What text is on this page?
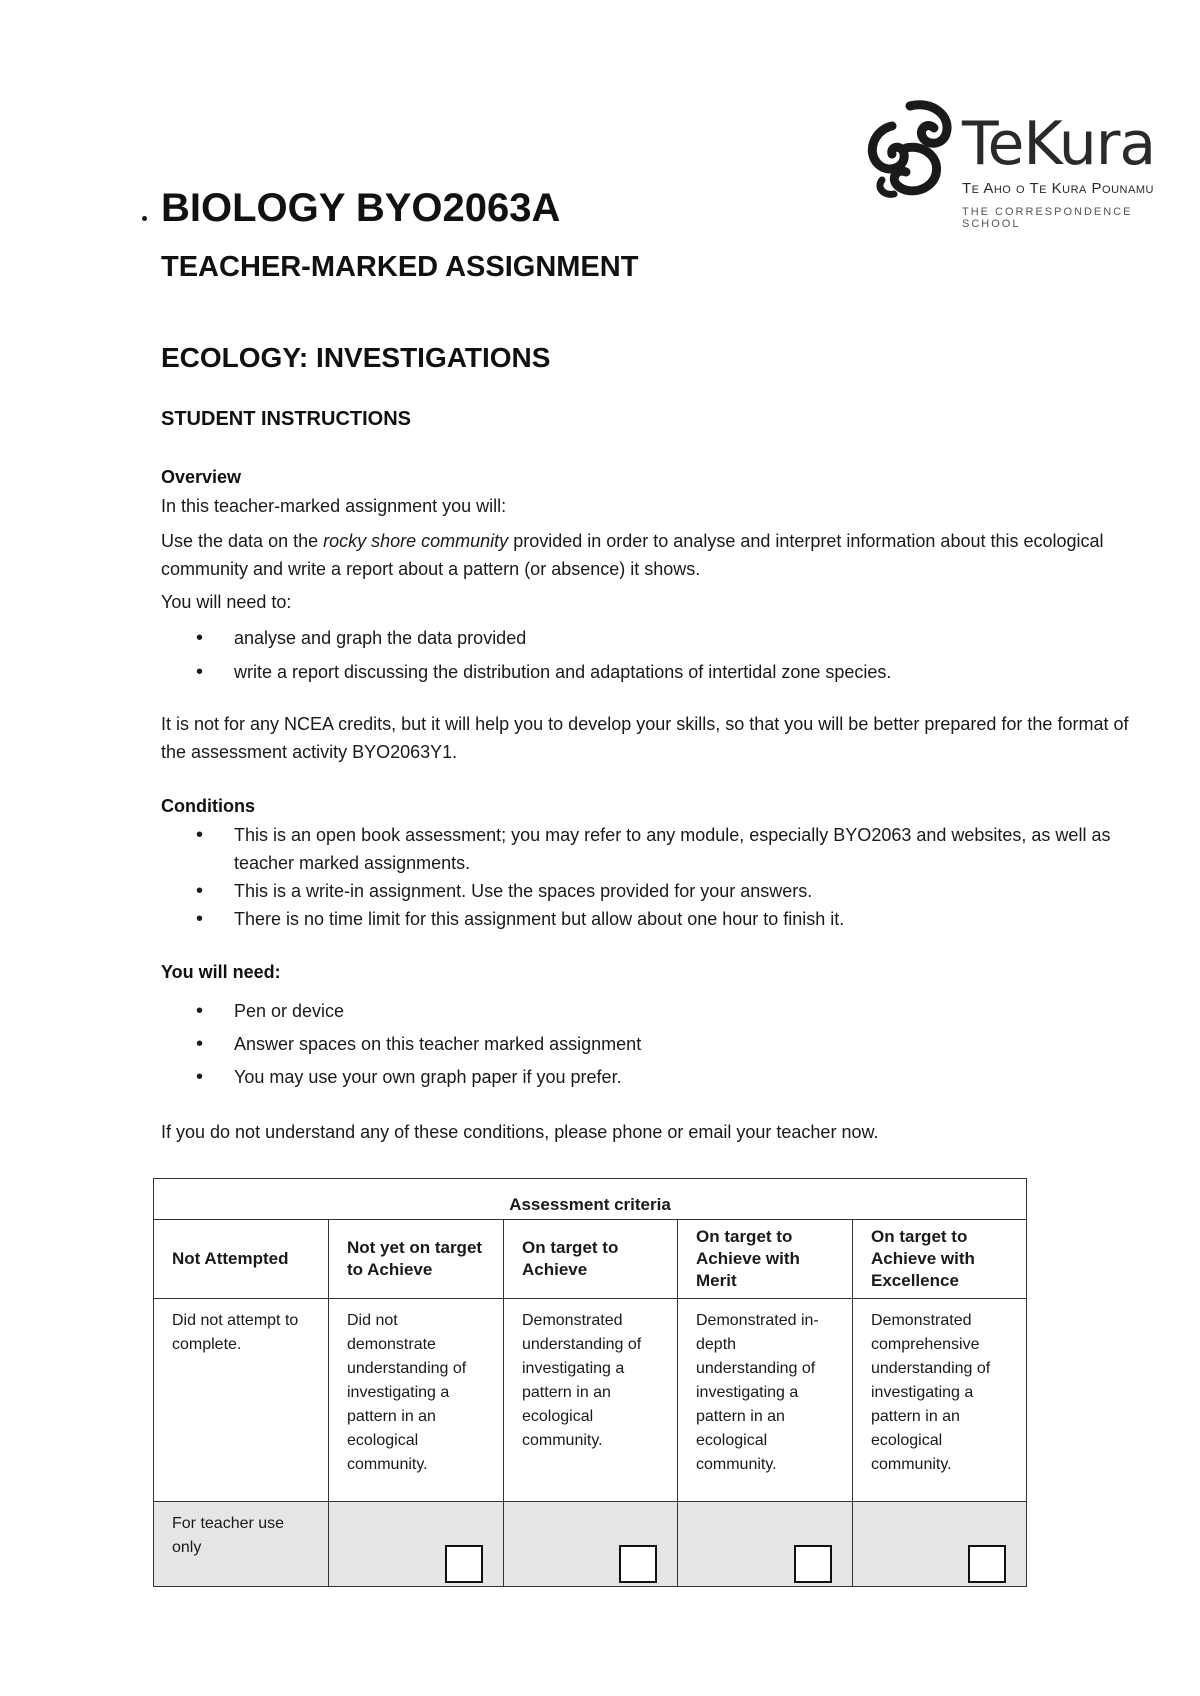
TeKura
Te Aho o Te Kura Pounamu
THE CORRESPONDENCE SCHOOL
BIOLOGY BYO2063A
TEACHER-MARKED ASSIGNMENT
ECOLOGY: INVESTIGATIONS
STUDENT INSTRUCTIONS
Overview
In this teacher-marked assignment you will:
Use the data on the rocky shore community provided in order to analyse and interpret information about this ecological community and write a report about a pattern (or absence) it shows.
You will need to:
• analyse and graph the data provided
• write a report discussing the distribution and adaptations of intertidal zone species.
It is not for any NCEA credits, but it will help you to develop your skills, so that you will be better prepared for the format of the assessment activity BYO2063Y1.
Conditions
• This is an open book assessment; you may refer to any module, especially BYO2063 and websites, as well as teacher marked assignments.
• This is a write-in assignment. Use the spaces provided for your answers.
• There is no time limit for this assignment but allow about one hour to finish it.
You will need:
• Pen or device
• Answer spaces on this teacher marked assignment
• You may use your own graph paper if you prefer.
If you do not understand any of these conditions, please phone or email your teacher now.
Assessment criteria				
Not Attempted	Not yet on target to Achieve	On target to Achieve	On target to Achieve with Merit	On target to Achieve with Excellence
Did not attempt to complete.	Did not demonstrate understanding of investigating a pattern in an ecological community.	Demonstrated understanding of investigating a pattern in an ecological community.	Demonstrated in-depth understanding of investigating a pattern in an ecological community.	Demonstrated comprehensive understanding of investigating a pattern in an ecological community.
For teacher use only	
